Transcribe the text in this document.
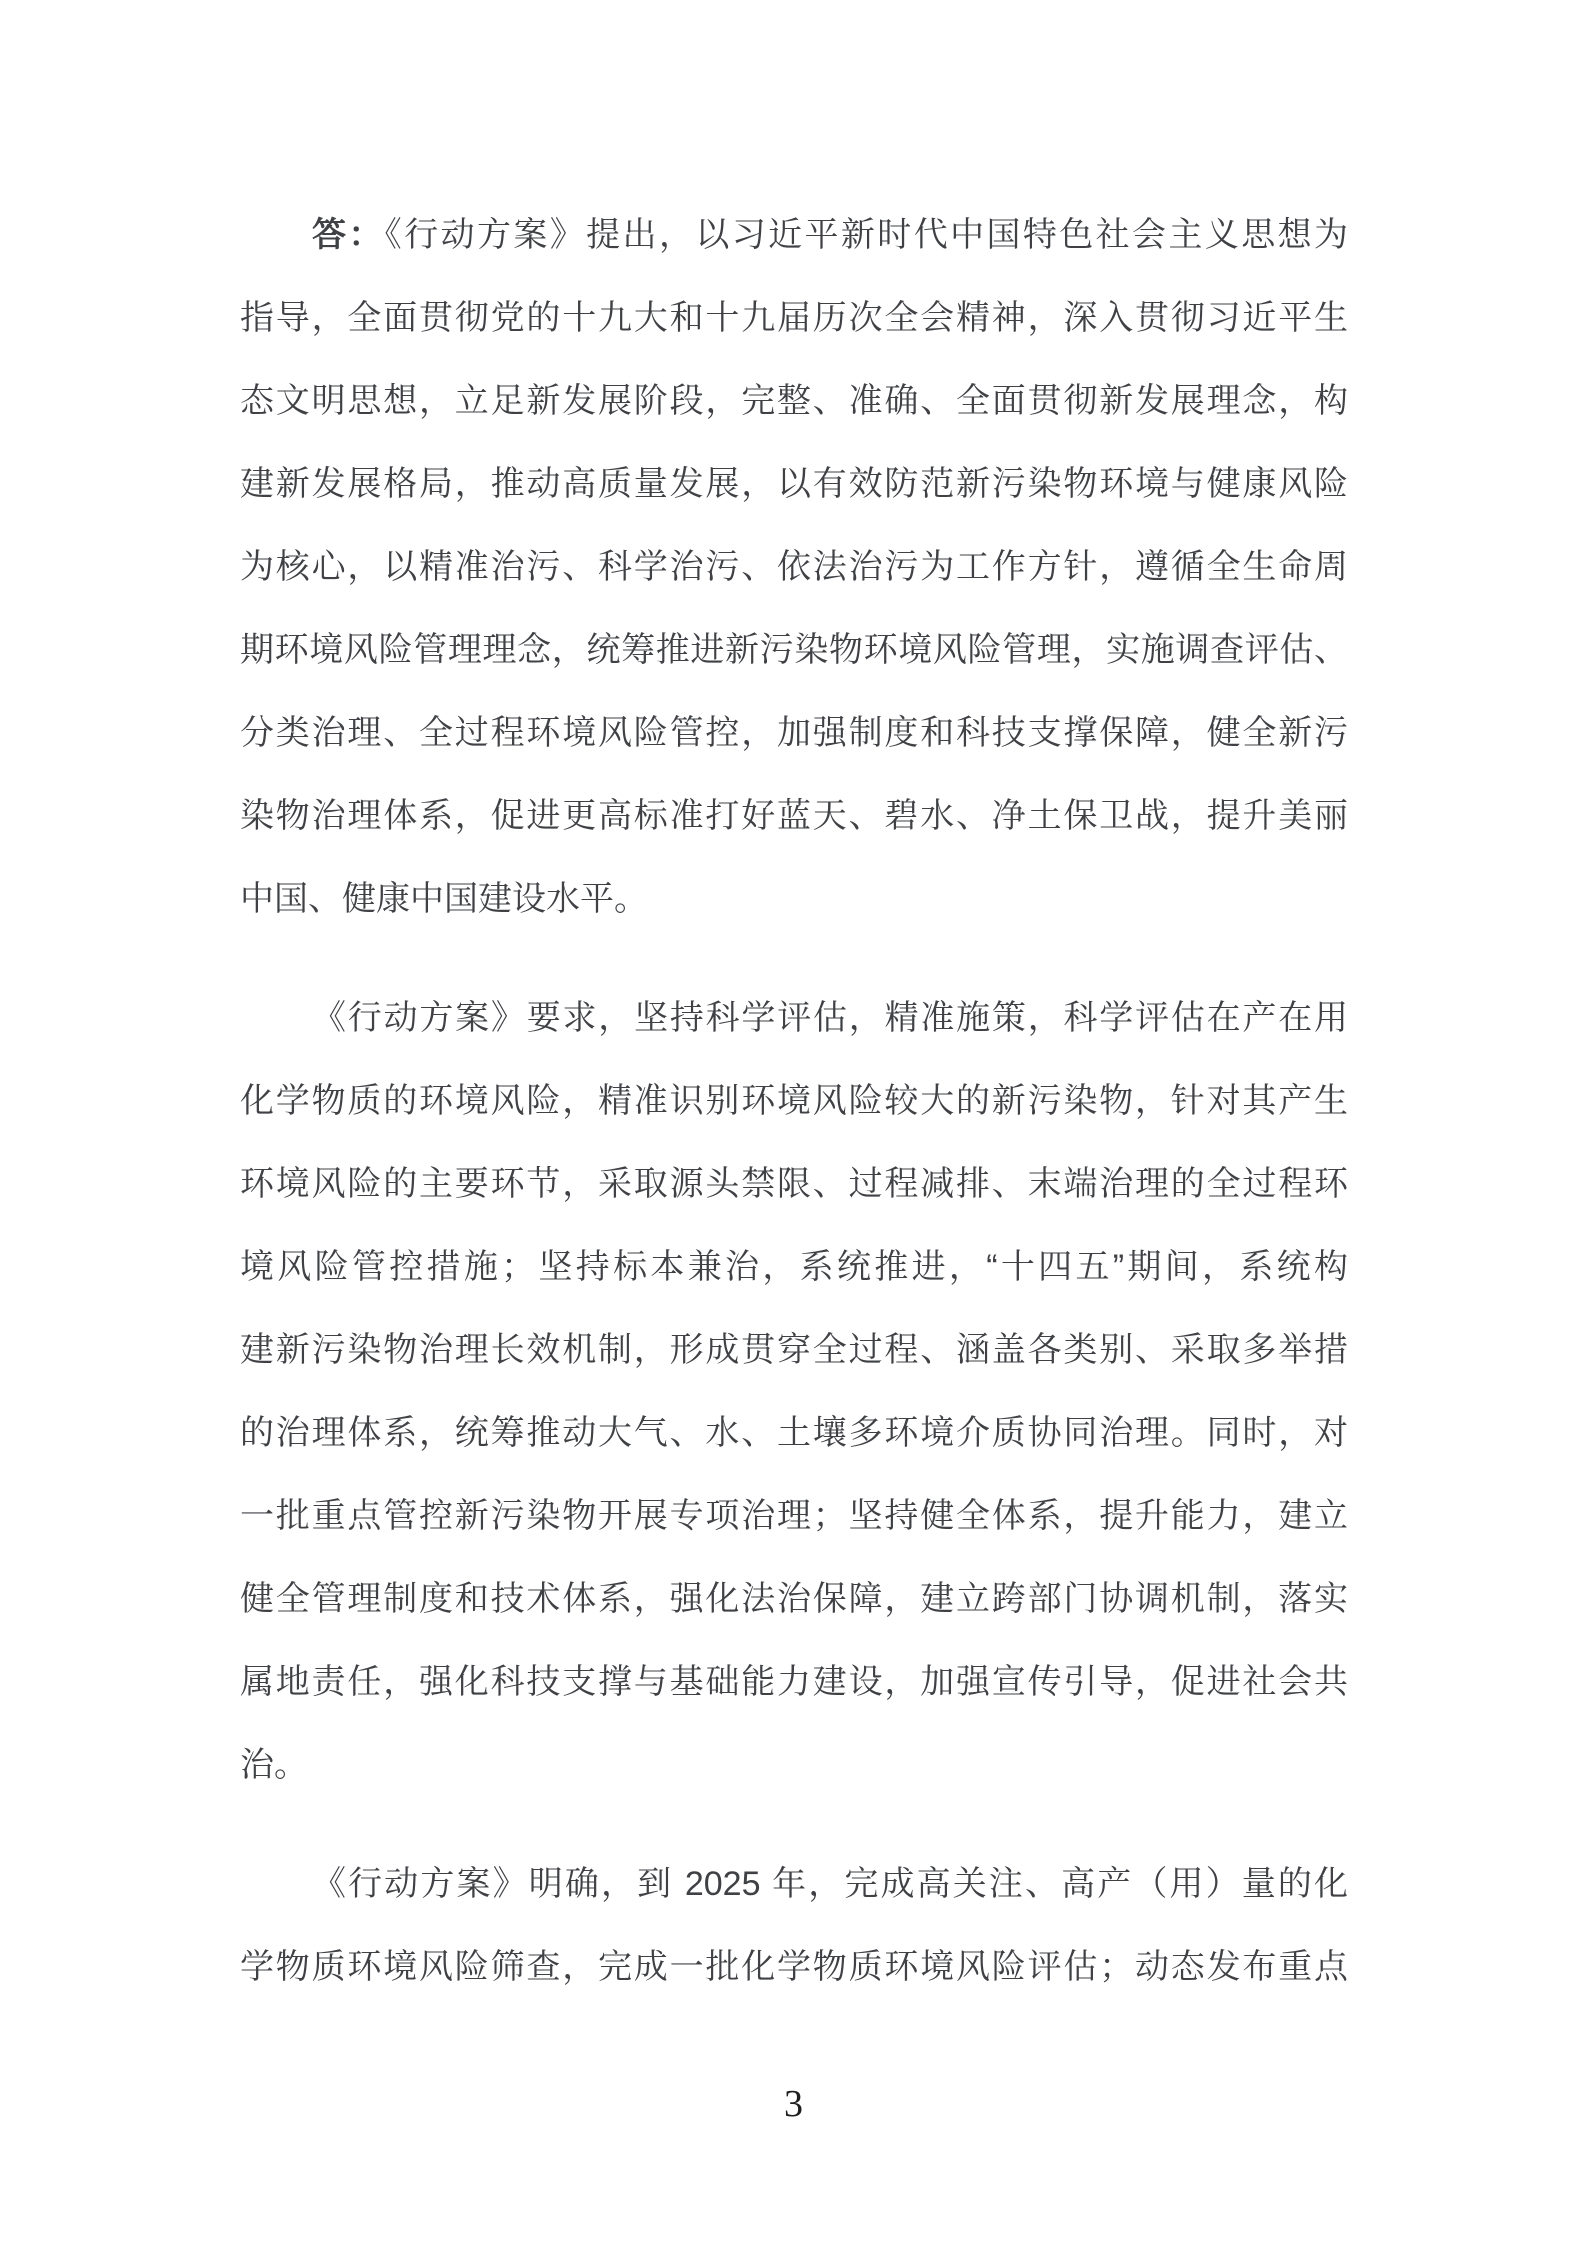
答：《行动方案》提出，以习近平新时代中国特色社会主义思想为
指导，全面贯彻党的十九大和十九届历次全会精神，深入贯彻习近平生
态文明思想，立足新发展阶段，完整、准确、全面贯彻新发展理念，构
建新发展格局，推动高质量发展，以有效防范新污染物环境与健康风险
为核心，以精准治污、科学治污、依法治污为工作方针，遵循全生命周
期环境风险管理理念，统筹推进新污染物环境风险管理，实施调查评估、
分类治理、全过程环境风险管控，加强制度和科技支撑保障，健全新污
染物治理体系，促进更高标准打好蓝天、碧水、净土保卫战，提升美丽
中国、健康中国建设水平。
《行动方案》要求，坚持科学评估，精准施策，科学评估在产在用
化学物质的环境风险，精准识别环境风险较大的新污染物，针对其产生
环境风险的主要环节，采取源头禁限、过程减排、末端治理的全过程环
境风险管控措施；坚持标本兼治，系统推进，“十四五”期间，系统构
建新污染物治理长效机制，形成贯穿全过程、涵盖各类别、采取多举措
的治理体系，统筹推动大气、水、土壤多环境介质协同治理。同时，对
一批重点管控新污染物开展专项治理；坚持健全体系，提升能力，建立
健全管理制度和技术体系，强化法治保障，建立跨部门协调机制，落实
属地责任，强化科技支撑与基础能力建设，加强宣传引导，促进社会共
治。
《行动方案》明确，到 2025 年，完成高关注、高产（用）量的化
学物质环境风险筛查，完成一批化学物质环境风险评估；动态发布重点
3
